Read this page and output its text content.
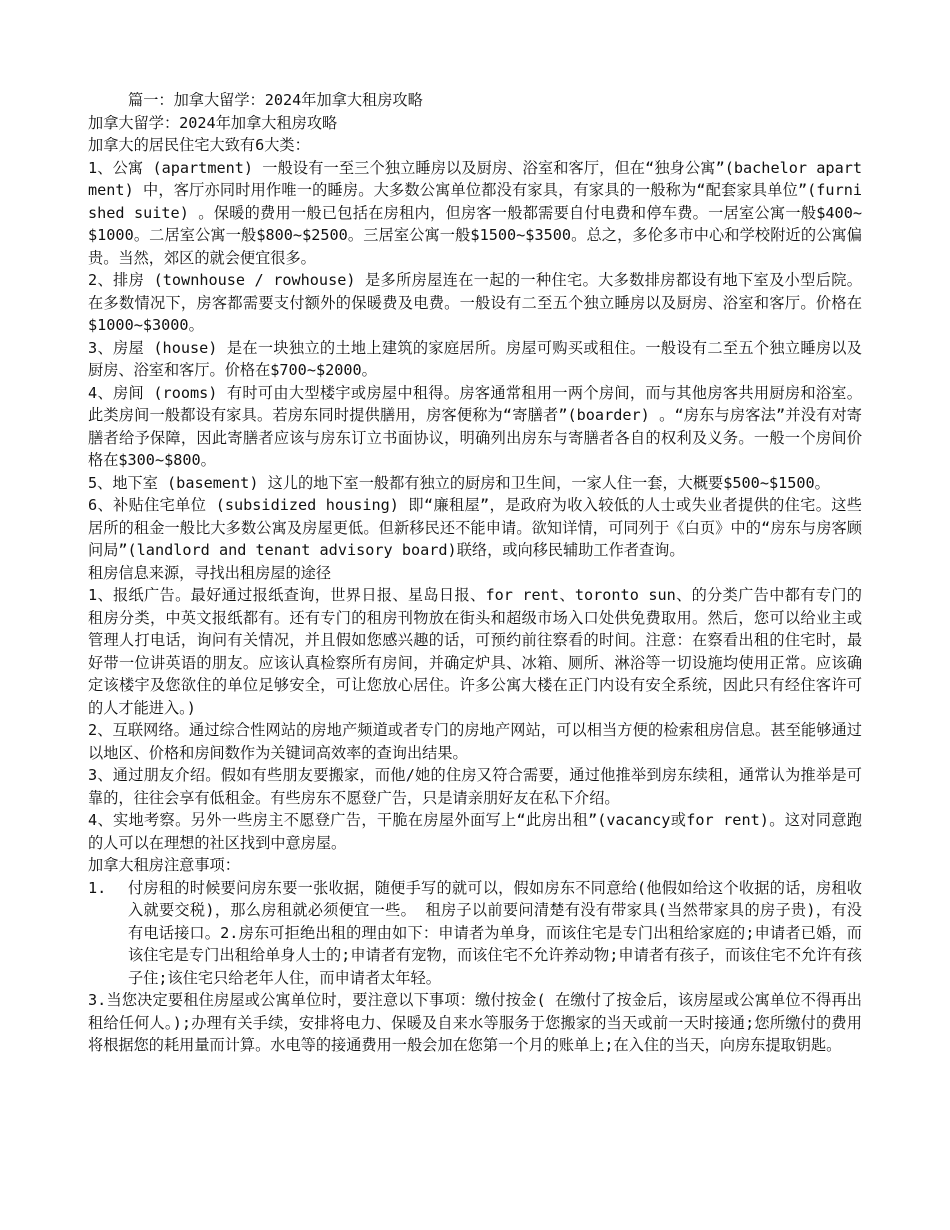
篇一：加拿大留学：2024年加拿大租房攻略

加拿大留学：2024年加拿大租房攻略

加拿大的居民住宅大致有6大类：

1、公寓 (apartment) 一般设有一至三个独立睡房以及厨房、浴室和客厅，但在“独身公寓”(bachelor apartment) 中，客厅亦同时用作唯一的睡房。大多数公寓单位都没有家具，有家具的一般称为“配套家具单位”(furnished suite) 。保暖的费用一般已包括在房租内，但房客一般都需要自付电费和停车费。一居室公寓一般$400~$1000。二居室公寓一般$800~$2500。三居室公寓一般$1500~$3500。总之，多伦多市中心和学校附近的公寓偏贵。当然，郊区的就会便宜很多。

2、排房 (townhouse / rowhouse) 是多所房屋连在一起的一种住宅。大多数排房都设有地下室及小型后院。在多数情况下，房客都需要支付额外的保暖费及电费。一般设有二至五个独立睡房以及厨房、浴室和客厅。价格在$1000~$3000。

3、房屋 (house) 是在一块独立的土地上建筑的家庭居所。房屋可购买或租住。一般设有二至五个独立睡房以及厨房、浴室和客厅。价格在$700~$2000。

4、房间 (rooms) 有时可由大型楼宇或房屋中租得。房客通常租用一两个房间，而与其他房客共用厨房和浴室。此类房间一般都设有家具。若房东同时提供膳用，房客便称为“寄膳者”(boarder) 。“房东与房客法”并没有对寄膳者给予保障，因此寄膳者应该与房东订立书面协议，明确列出房东与寄膳者各自的权利及义务。一般一个房间价格在$300~$800。

5、地下室 (basement) 这儿的地下室一般都有独立的厨房和卫生间，一家人住一套，大概要$500~$1500。

6、补贴住宅单位 (subsidized housing) 即“廉租屋”，是政府为收入较低的人士或失业者提供的住宅。这些居所的租金一般比大多数公寓及房屋更低。但新移民还不能申请。欲知详情，可同列于《白页》中的“房东与房客顾问局”(landlord and tenant advisory board)联络，或向移民辅助工作者查询。

租房信息来源，寻找出租房屋的途径

1、报纸广告。最好通过报纸查询，世界日报、星岛日报、for rent、toronto sun、的分类广告中都有专门的租房分类，中英文报纸都有。还有专门的租房刊物放在街头和超级市场入口处供免费取用。然后，您可以给业主或管理人打电话，询问有关情况，并且假如您感兴趣的话，可预约前往察看的时间。注意：在察看出租的住宅时，最好带一位讲英语的朋友。应该认真检察所有房间，并确定炉具、冰箱、厕所、淋浴等一切设施均使用正常。应该确定该楼宇及您欲住的单位足够安全，可让您放心居住。许多公寓大楼在正门内设有安全系统，因此只有经住客许可的人才能进入。)

2、互联网络。通过综合性网站的房地产频道或者专门的房地产网站，可以相当方便的检索租房信息。甚至能够通过以地区、价格和房间数作为关键词高效率的查询出结果。

3、通过朋友介绍。假如有些朋友要搬家，而他/她的住房又符合需要，通过他推举到房东续租，通常认为推举是可靠的，往往会享有低租金。有些房东不愿登广告，只是请亲朋好友在私下介绍。

4、实地考察。另外一些房主不愿登广告，干脆在房屋外面写上“此房出租”(vacancy或for rent)。这对同意跑的人可以在理想的社区找到中意房屋。

加拿大租房注意事项：

1.	付房租的时候要问房东要一张收据，随便手写的就可以，假如房东不同意给(他假如给这个收据的话，房租收入就要交税)，那么房租就必须便宜一些。 租房子以前要问清楚有没有带家具(当然带家具的房子贵)，有没有电话接口。2.房东可拒绝出租的理由如下：申请者为单身，而该住宅是专门出租给家庭的;申请者已婚，而该住宅是专门出租给单身人士的;申请者有宠物，而该住宅不允许养动物;申请者有孩子，而该住宅不允许有孩子住;该住宅只给老年人住，而申请者太年轻。

3.当您决定要租住房屋或公寓单位时，要注意以下事项：缴付按金( 在缴付了按金后，该房屋或公寓单位不得再出租给任何人。);办理有关手续，安排将电力、保暖及自来水等服务于您搬家的当天或前一天时接通;您所缴付的费用将根据您的耗用量而计算。水电等的接通费用一般会加在您第一个月的账单上;在入住的当天，向房东提取钥匙。
